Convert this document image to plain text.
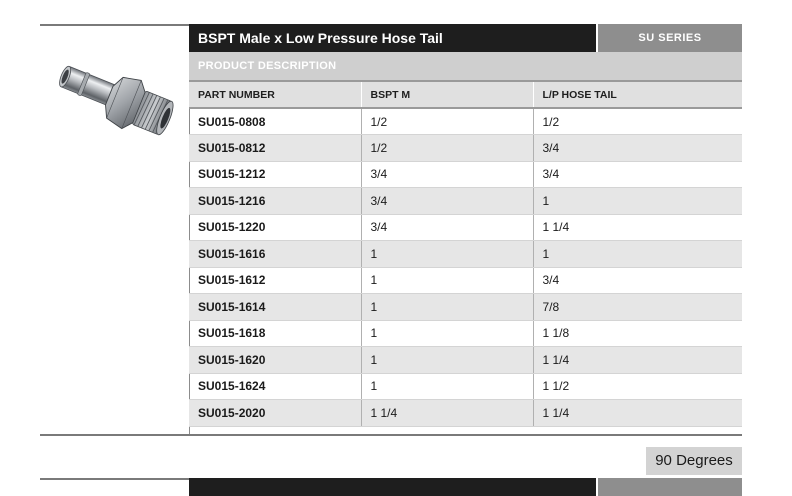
BSPT Male x Low Pressure Hose Tail	SU SERIES
PRODUCT DESCRIPTION
PART NUMBER	BSPT M	L/P HOSE TAIL
SU015-0808	1/2	1/2
SU015-0812	1/2	3/4
SU015-1212	3/4	3/4
SU015-1216	3/4	1
SU015-1220	3/4	1 1/4
SU015-1616	1	1
SU015-1612	1	3/4
SU015-1614	1	7/8
SU015-1618	1	1 1/8
SU015-1620	1	1 1/4
SU015-1624	1	1 1/2
SU015-2020	1 1/4	1 1/4
90 Degrees
